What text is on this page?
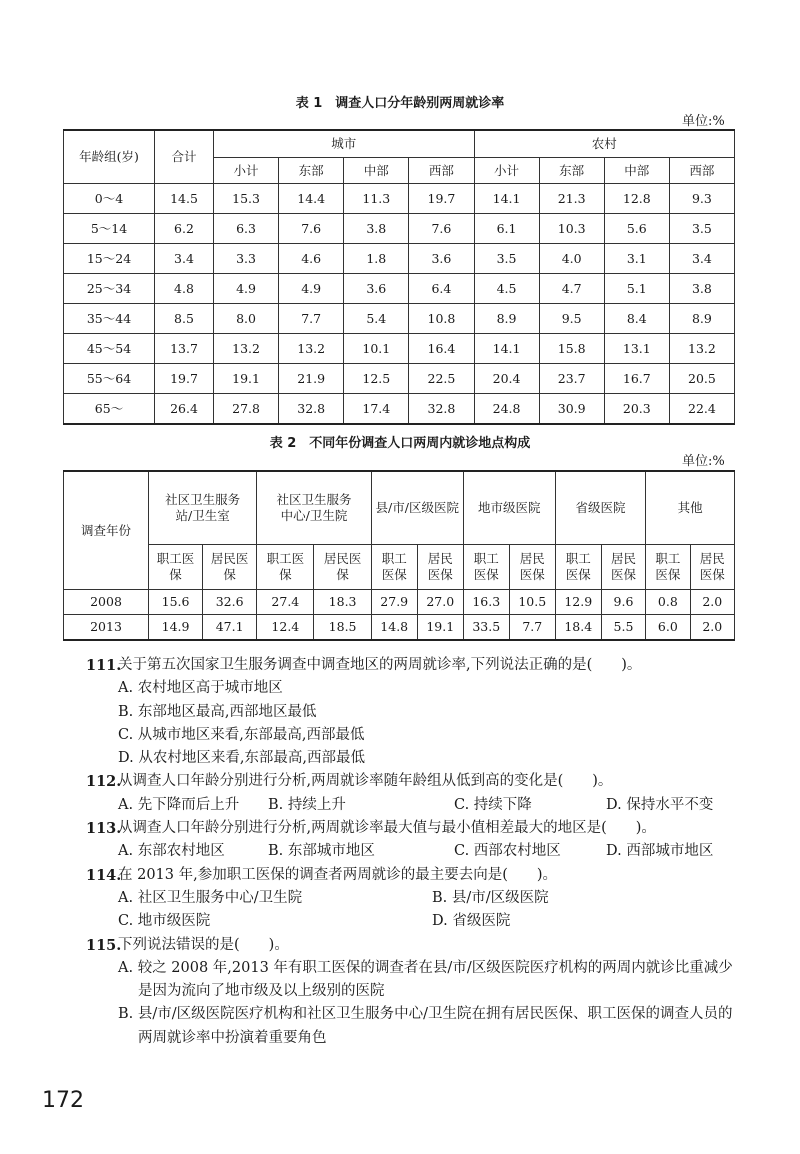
表 1　调查人口分年龄别两周就诊率
单位:%
年龄组(岁)	合计	城市				农村			
		小计	东部	中部	西部	小计	东部	中部	西部
0～4	14.5	15.3	14.4	11.3	19.7	14.1	21.3	12.8	9.3
5～14	6.2	6.3	7.6	3.8	7.6	6.1	10.3	5.6	3.5
15～24	3.4	3.3	4.6	1.8	3.6	3.5	4.0	3.1	3.4
25～34	4.8	4.9	4.9	3.6	6.4	4.5	4.7	5.1	3.8
35～44	8.5	8.0	7.7	5.4	10.8	8.9	9.5	8.4	8.9
45～54	13.7	13.2	13.2	10.1	16.4	14.1	15.8	13.1	13.2
55～64	19.7	19.1	21.9	12.5	22.5	20.4	23.7	16.7	20.5
65～	26.4	27.8	32.8	17.4	32.8	24.8	30.9	20.3	22.4
表 2　不同年份调查人口两周内就诊地点构成
单位:%
调查年份	社区卫生服务站/卫生室		社区卫生服务中心/卫生院		县/市/区级医院		地市级医院		省级医院		其他	
	职工医保	居民医保	职工医保	居民医保	职工医保	居民医保	职工医保	居民医保	职工医保	居民医保	职工医保	居民医保
2008	15.6	32.6	27.4	18.3	27.9	27.0	16.3	10.5	12.9	9.6	0.8	2.0
2013	14.9	47.1	12.4	18.5	14.8	19.1	33.5	7.7	18.4	5.5	6.0	2.0
111.
关于第五次国家卫生服务调查中调查地区的两周就诊率,下列说法正确的是(　　)。
A. 农村地区高于城市地区
B. 东部地区最高,西部地区最低
C. 从城市地区来看,东部最高,西部最低
D. 从农村地区来看,东部最高,西部最低
112.
从调查人口年龄分别进行分析,两周就诊率随年龄组从低到高的变化是(　　)。
A. 先下降而后上升	B. 持续上升	C. 持续下降	D. 保持水平不变
113.
从调查人口年龄分别进行分析,两周就诊率最大值与最小值相差最大的地区是(　　)。
A. 东部农村地区	B. 东部城市地区	C. 西部农村地区	D. 西部城市地区
114.
在 2013 年,参加职工医保的调查者两周就诊的最主要去向是(　　)。
A. 社区卫生服务中心/卫生院	B. 县/市/区级医院
C. 地市级医院	D. 省级医院
115.
下列说法错误的是(　　)。
A. 较之 2008 年,2013 年有职工医保的调查者在县/市/区级医院医疗机构的两周内就诊比重减少是因为流向了地市级及以上级别的医院
B. 县/市/区级医院医疗机构和社区卫生服务中心/卫生院在拥有居民医保、职工医保的调查人员的两周就诊率中扮演着重要角色
172
